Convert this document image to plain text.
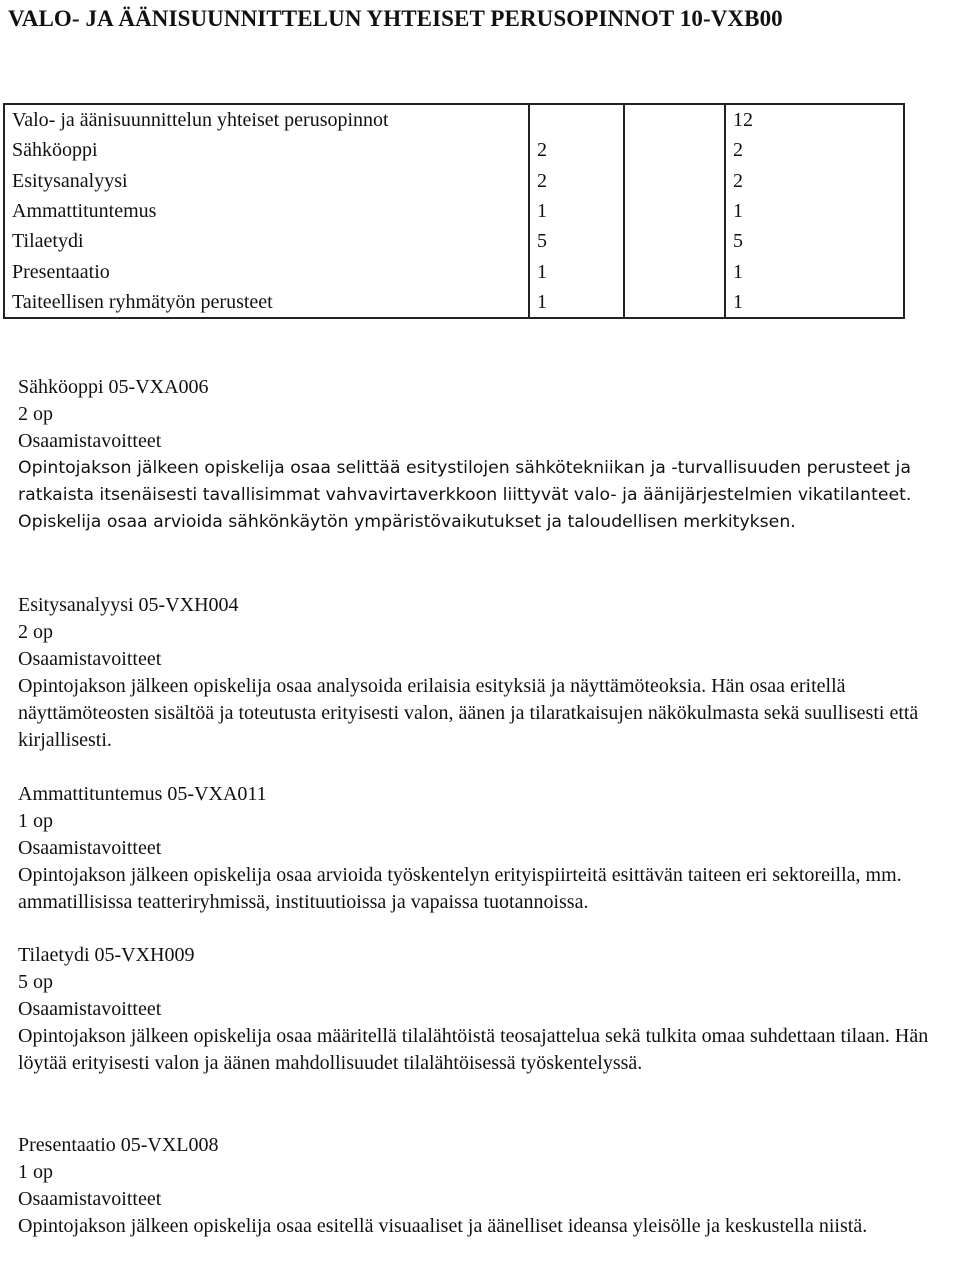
VALO- JA ÄÄNISUUNNITTELUN YHTEISET PERUSOPINNOT 10-VXB00
Valo- ja äänisuunnittelun yhteiset perusopinnot			12
Sähköoppi	2		2
Esitysanalyysi	2		2
Ammattituntemus	1		1
Tilaetydi	5		5
Presentaatio	1		1
Taiteellisen ryhmätyön perusteet	1		1
Sähköoppi 05-VXA006
2 op
Osaamistavoitteet
Opintojakson jälkeen opiskelija osaa selittää esitystilojen sähkötekniikan ja -turvallisuuden perusteet ja ratkaista itsenäisesti tavallisimmat vahvavirtaverkkoon liittyvät valo- ja äänijärjestelmien vikatilanteet. Opiskelija osaa arvioida sähkönkäytön ympäristövaikutukset ja taloudellisen merkityksen.
Esitysanalyysi 05-VXH004
2 op
Osaamistavoitteet
Opintojakson jälkeen opiskelija osaa analysoida erilaisia esityksiä ja näyttämöteoksia. Hän osaa eritellä näyttämöteosten sisältöä ja toteutusta erityisesti valon, äänen ja tilaratkaisujen näkökulmasta sekä suullisesti että kirjallisesti.
Ammattituntemus 05-VXA011
1 op
Osaamistavoitteet
Opintojakson jälkeen opiskelija osaa arvioida työskentelyn erityispiirteitä esittävän taiteen eri sektoreilla, mm. ammatillisissa teatteriryhmissä, instituutioissa ja vapaissa tuotannoissa.
Tilaetydi 05-VXH009
5 op
Osaamistavoitteet
Opintojakson jälkeen opiskelija osaa määritellä tilalähtöistä teosajattelua sekä tulkita omaa suhdettaan tilaan. Hän löytää erityisesti valon ja äänen mahdollisuudet tilalähtöisessä työskentelyssä.
Presentaatio 05-VXL008
1 op
Osaamistavoitteet
Opintojakson jälkeen opiskelija osaa esitellä visuaaliset ja äänelliset ideansa yleisölle ja keskustella niistä.
